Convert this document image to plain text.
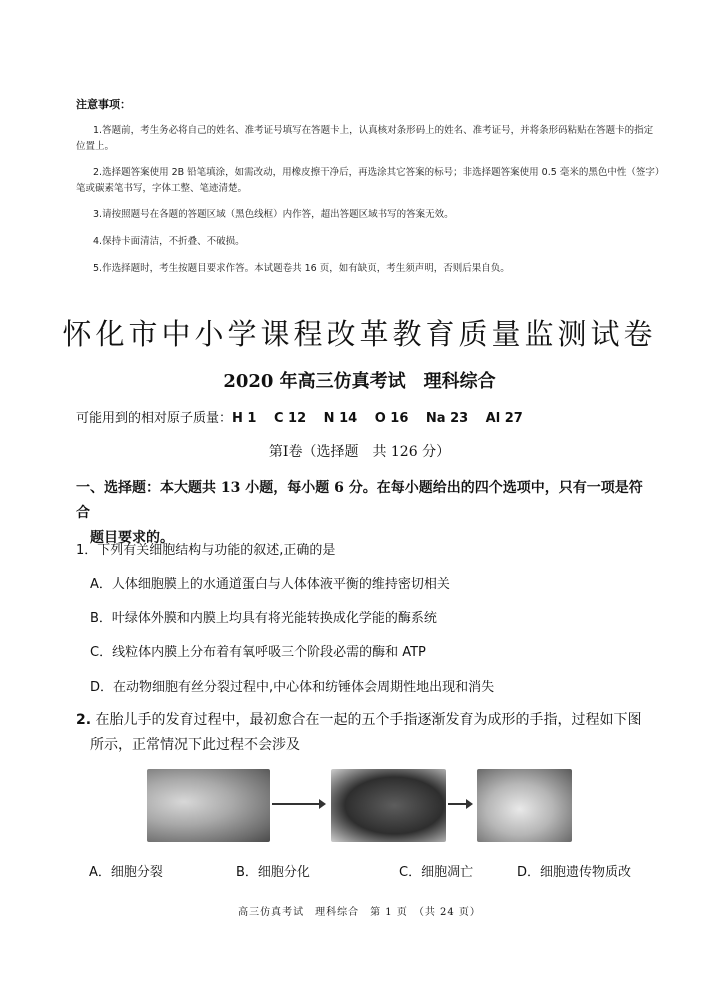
注意事项：
1.答题前，考生务必将自己的姓名、准考证号填写在答题卡上，认真核对条形码上的姓名、准考证号，并将条形码粘贴在答题卡的指定位置上。
2.选择题答案使用 2B 铅笔填涂，如需改动，用橡皮擦干净后，再选涂其它答案的标号；非选择题答案使用 0.5 毫米的黑色中性（签字）笔或碳素笔书写，字体工整、笔迹清楚。
3.请按照题号在各题的答题区域（黑色线框）内作答，超出答题区域书写的答案无效。
4.保持卡面清洁，不折叠、不破损。
5.作选择题时，考生按题目要求作答。本试题卷共 16 页，如有缺页，考生须声明，否则后果自负。
怀化市中小学课程改革教育质量监测试卷
2020 年高三仿真考试　理科综合
可能用到的相对原子质量：H 1　 C 12　 N 14　 O 16　 Na 23　 Al 27
第Ⅰ卷（选择题　共 126 分）
一、选择题：本大题共 13 小题，每小题 6 分。在每小题给出的四个选项中，只有一项是符合
题目要求的。
1．下列有关细胞结构与功能的叙述,正确的是
A．人体细胞膜上的水通道蛋白与人体体液平衡的维持密切相关
B．叶绿体外膜和内膜上均具有将光能转换成化学能的酶系统
C．线粒体内膜上分布着有氧呼吸三个阶段必需的酶和 ATP
D．在动物细胞有丝分裂过程中,中心体和纺锤体会周期性地出现和消失
2. 在胎儿手的发育过程中，最初愈合在一起的五个手指逐渐发育为成形的手指，过程如下图
所示，正常情况下此过程不会涉及
A．细胞分裂	B．细胞分化	C．细胞凋亡	D．细胞遗传物质改
高三仿真考试　理科综合　第 1 页　（共 24 页）
